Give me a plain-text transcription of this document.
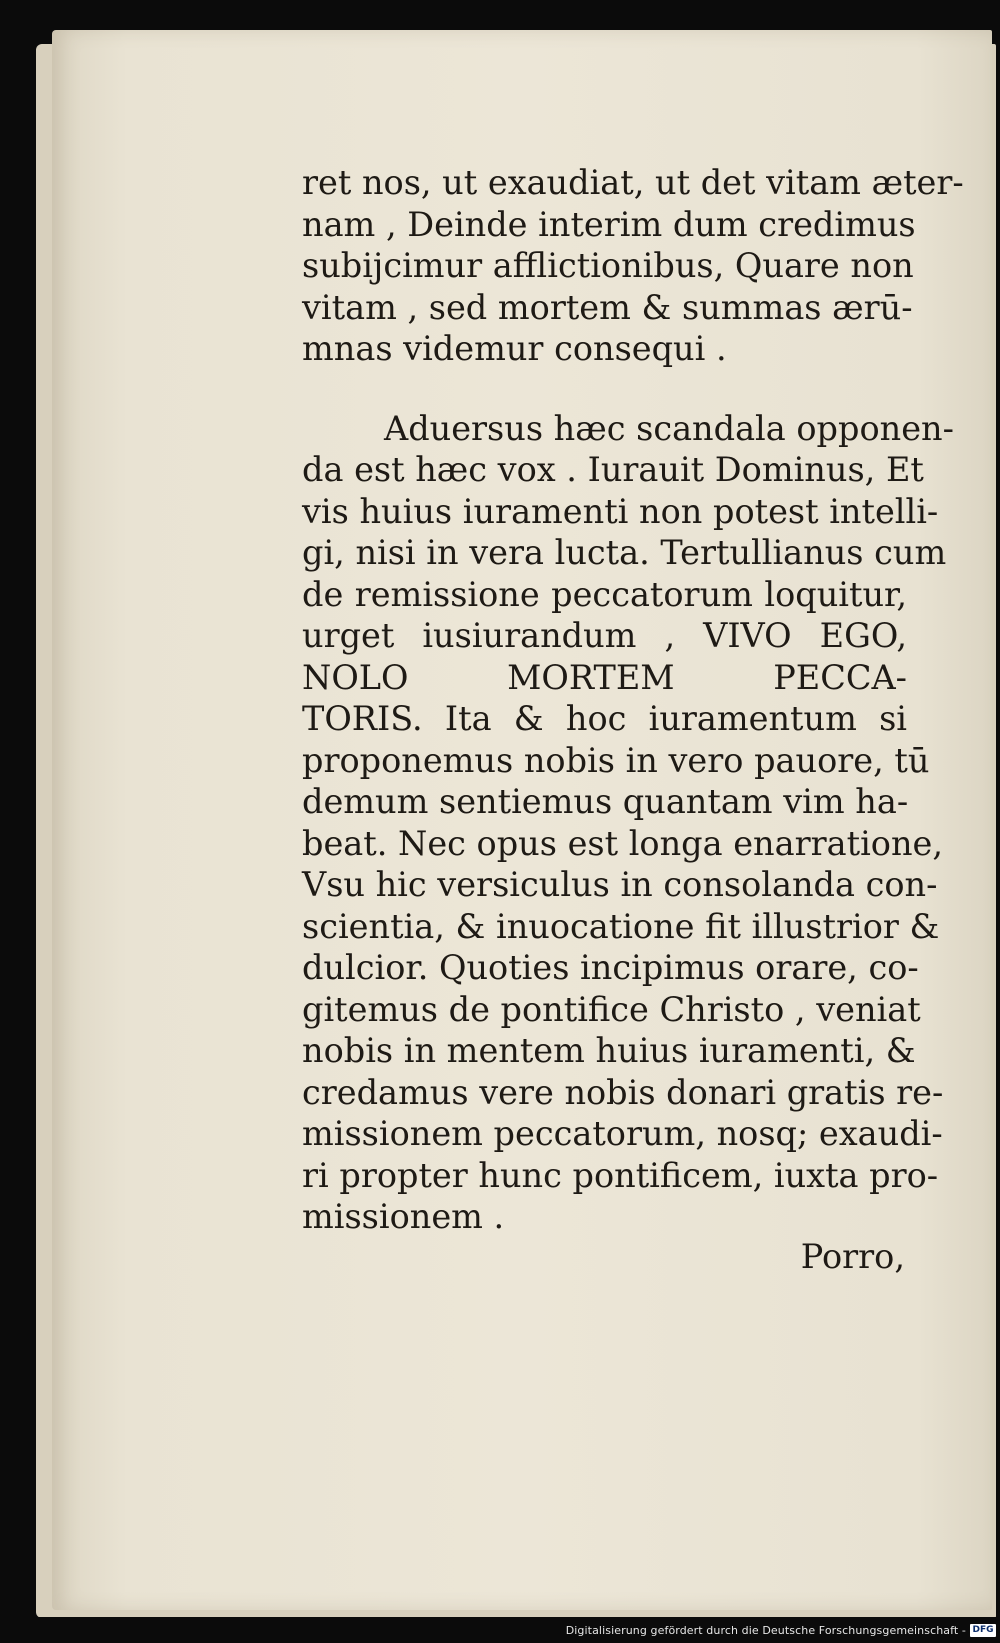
ret nos, ut exaudiat, ut det vitam æter-
nam , Deinde interim dum credimus
subijcimur afflictionibus, Quare non
vitam , sed mortem & summas ærū-
mnas videmur consequi .
Aduersus hæc scandala opponen-
da est hæc vox . Iurauit Dominus, Et
vis huius iuramenti non potest intelli-
gi, nisi in vera lucta. Tertullianus cum
de remissione peccatorum loquitur,
urget iusiurandum , VIVO EGO,
NOLO MORTEM PECCA-
TORIS. Ita & hoc iuramentum si
proponemus nobis in vero pauore, tū
demum sentiemus quantam vim ha-
beat. Nec opus est longa enarratione,
Vsu hic versiculus in consolanda con-
scientia, & inuocatione fit illustrior &
dulcior. Quoties incipimus orare, co-
gitemus de pontifice Christo , veniat
nobis in mentem huius iuramenti, &
credamus vere nobis donari gratis re-
missionem peccatorum, nosq; exaudi-
ri propter hunc pontificem, iuxta pro-
missionem .
Porro,
Digitalisierung gefördert durch die Deutsche Forschungsgemeinschaft - DFG
